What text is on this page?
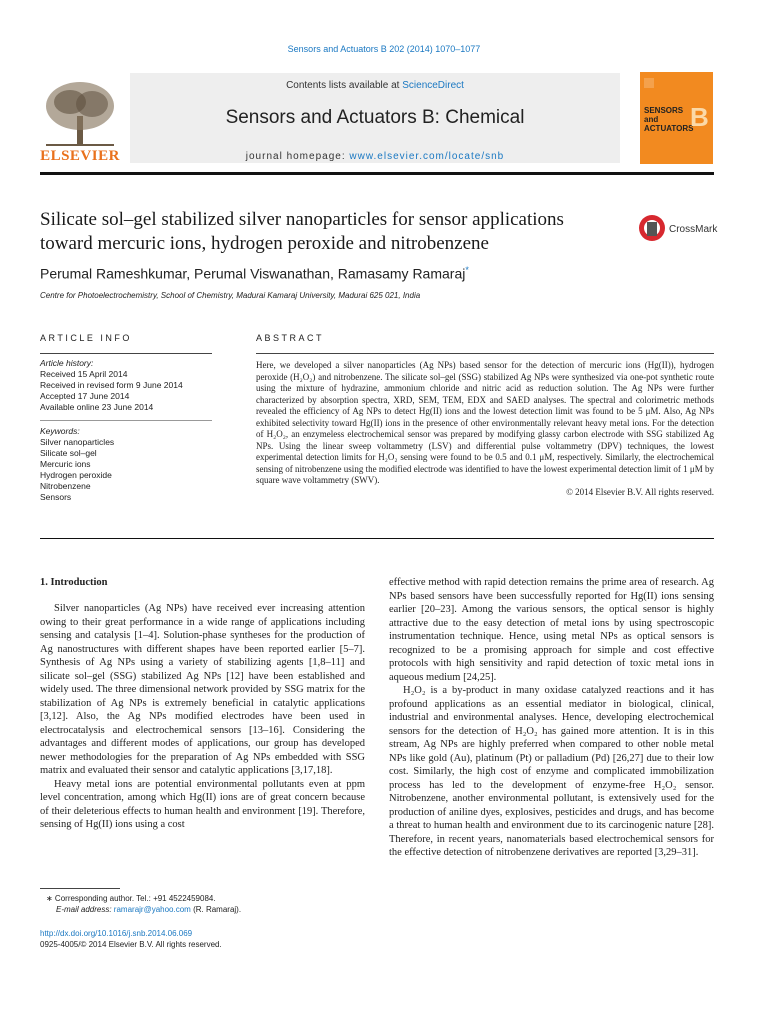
Sensors and Actuators B 202 (2014) 1070–1077
ELSEVIER
Contents lists available at ScienceDirect
Sensors and Actuators B: Chemical
journal homepage: www.elsevier.com/locate/snb
SENSORS and ACTUATORS
B
Silicate sol–gel stabilized silver nanoparticles for sensor applications
toward mercuric ions, hydrogen peroxide and nitrobenzene
CrossMark
Perumal Rameshkumar, Perumal Viswanathan, Ramasamy Ramaraj*
Centre for Photoelectrochemistry, School of Chemistry, Madurai Kamaraj University, Madurai 625 021, India
ARTICLE INFO
Article history:
Received 15 April 2014
Received in revised form 9 June 2014
Accepted 17 June 2014
Available online 23 June 2014
Keywords:
Silver nanoparticles
Silicate sol–gel
Mercuric ions
Hydrogen peroxide
Nitrobenzene
Sensors
ABSTRACT
Here, we developed a silver nanoparticles (Ag NPs) based sensor for the detection of mercuric ions (Hg(II)), hydrogen peroxide (H₂O₂) and nitrobenzene. The silicate sol–gel (SSG) stabilized Ag NPs were synthesized via one-pot synthetic route using the mixture of hydrazine, ammonium chloride and nitric acid as reduction solution. The Ag NPs were further characterized by absorption spectra, XRD, SEM, TEM, EDX and SAED analyses. The spectral and colorimetric methods revealed the efficiency of Ag NPs to detect Hg(II) ions and the lowest detection limit was found to be 5 μM. Also, Ag NPs exhibited selectivity toward Hg(II) ions in the presence of other environmentally relevant heavy metal ions. For the detection of H₂O₂, an enzymeless electrochemical sensor was prepared by modifying glassy carbon electrode with SSG stabilized Ag NPs. Using the linear sweep voltammetry (LSV) and differential pulse voltammetry (DPV) techniques, the lowest experimental detection limits for H₂O₂ sensing were found to be 0.5 and 0.1 μM, respectively. Similarly, the electrochemical sensing of nitrobenzene using the modified electrode was identified to have the lowest experimental detection limit of 1 μM by square wave voltammetry (SWV).
© 2014 Elsevier B.V. All rights reserved.
1. Introduction

Silver nanoparticles (Ag NPs) have received ever increasing attention owing to their great performance in a wide range of applications including sensing and catalysis [1–4]. Solution-phase syntheses for the production of Ag nanostructures with different shapes have been reported earlier [5–7]. Synthesis of Ag NPs using a variety of stabilizing agents [1,8–11] and silicate sol–gel (SSG) stabilized Ag NPs [12] have been established and widely used. The three dimensional network provided by SSG matrix for the stabilization of Ag NPs is extremely beneficial in catalytic applications [3,12]. Also, the Ag NPs modified electrodes have been used in electrocatalysis and electrochemical sensors [13–16]. Considering the advantages and different modes of applications, our group has developed newer methodologies for the preparation of Ag NPs embedded with SSG matrix and evaluated their sensor and catalytic applications [3,17,18].

Heavy metal ions are potential environmental pollutants even at ppm level concentration, among which Hg(II) ions are of great concern because of their deleterious effects to human health and environment [19]. Therefore, sensing of Hg(II) ions using a cost

effective method with rapid detection remains the prime area of research. Ag NPs based sensors have been successfully reported for Hg(II) ions sensing earlier [20–23]. Among the various sensors, the optical sensor is highly attractive due to the easy detection of metal ions by using spectroscopic instrumentation technique. Hence, using metal NPs as optical sensors is recognized to be a promising approach for simple and cost effective protocols with high sensitivity and rapid detection of toxic metal ions in aqueous medium [24,25].

H₂O₂ is a by-product in many oxidase catalyzed reactions and it has profound applications as an essential mediator in biological, clinical, industrial and environmental analyses. Hence, developing electrochemical sensors for the detection of H₂O₂ has gained more attention. It is in this stream, Ag NPs are highly preferred when compared to other noble metal NPs like gold (Au), platinum (Pt) or palladium (Pd) [26,27] due to their low cost. Similarly, the high cost of enzyme and complicated immobilization process has led to the development of enzyme-free H₂O₂ sensor. Nitrobenzene, another environmental pollutant, is extensively used for the production of aniline dyes, explosives, pesticides and drugs, and has become a threat to human health and environment due to its carcinogenic nature [28]. Therefore, in recent years, nanomaterials based electrochemical sensors for the effective detection of nitrobenzene derivatives are reported [3,29–31].

∗ Corresponding author. Tel.: +91 4522459084.
E-mail address: ramarajr@yahoo.com (R. Ramaraj).
http://dx.doi.org/10.1016/j.snb.2014.06.069
0925-4005/© 2014 Elsevier B.V. All rights reserved.
